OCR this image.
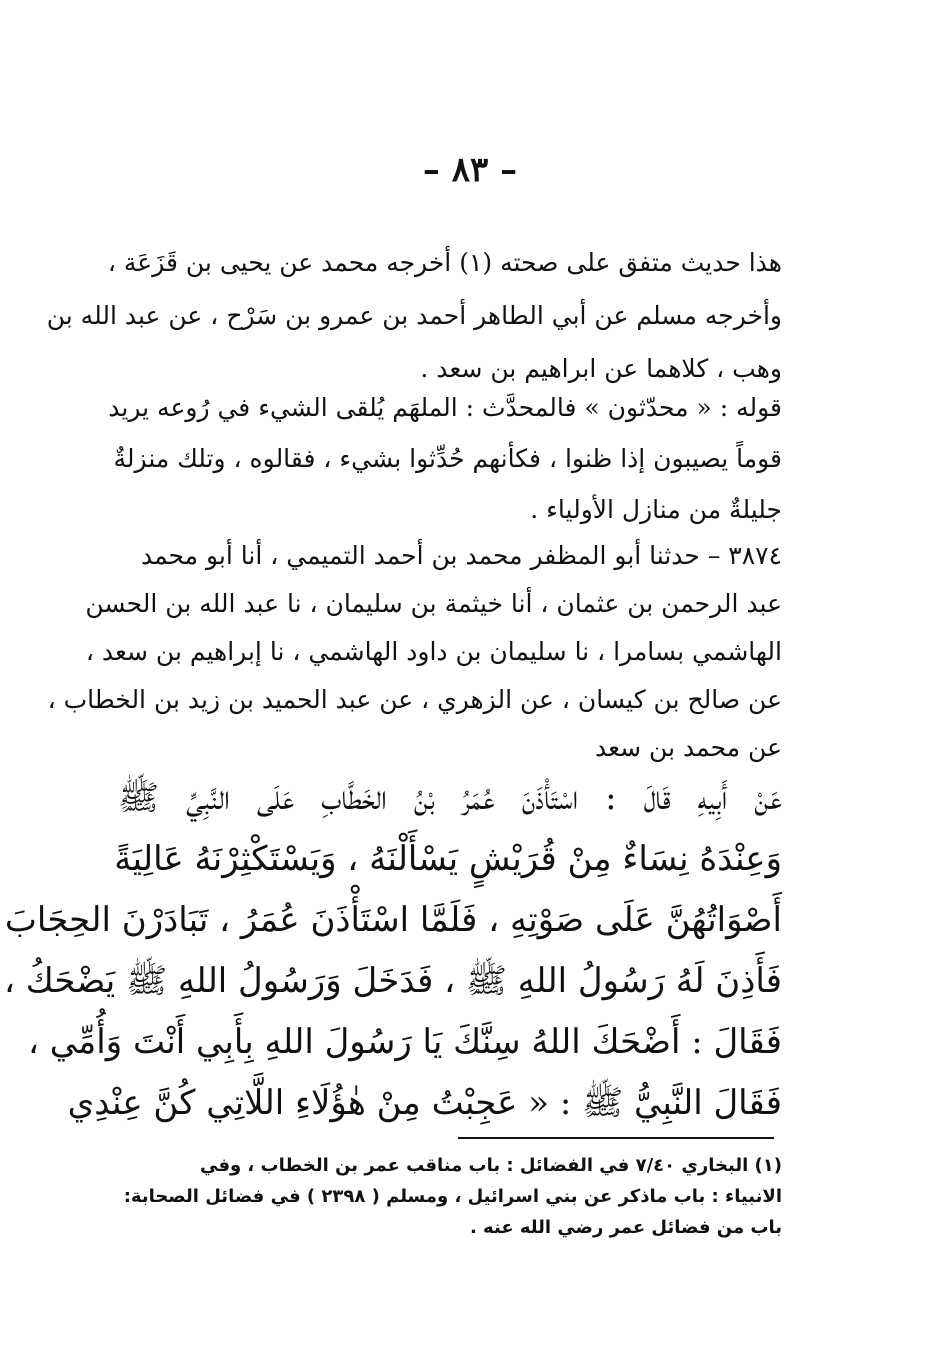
– ٨٣ –
هذا حديث متفق على صحته (١) أخرجه محمد عن يحيى بن قَزَعَة ،
وأخرجه مسلم عن أبي الطاهر أحمد بن عمرو بن سَرْح ، عن عبد الله بن
وهب ، كلاهما عن ابراهيم بن سعد .
قوله : « محدّثون » فالمحدَّث : الملهَم يُلقى الشيء في رُوعه يريد
قوماً يصيبون إذا ظنوا ، فكأنهم حُدِّثوا بشيء ، فقالوه ، وتلك منزلةٌ
جليلةٌ من منازل الأولياء .
٣٨٧٤ – حدثنا أبو المظفر محمد بن أحمد التميمي ، أنا أبو محمد
عبد الرحمن بن عثمان ، أنا خيثمة بن سليمان ، نا عبد الله بن الحسن
الهاشمي بسامرا ، نا سليمان بن داود الهاشمي ، نا إبراهيم بن سعد ،
عن صالح بن كيسان ، عن الزهري ، عن عبد الحميد بن زيد بن الخطاب ،
عن محمد بن سعد
عَنْ أَبِيهِ قَالَ : اسْتَأْذَنَ عُمَرُ بْنُ الخَطَّابِ عَلَى النَّبِيِّ ﷺ
وَعِنْدَهُ نِسَاءٌ مِنْ قُرَيْشٍ يَسْأَلْنَهُ ، وَيَسْتَكْثِرْنَهُ عَالِيَةً
أَصْوَاتُهُنَّ عَلَى صَوْتِهِ ، فَلَمَّا اسْتَأْذَنَ عُمَرُ ، تَبَادَرْنَ الحِجَابَ
فَأَذِنَ لَهُ رَسُولُ اللهِ ﷺ ، فَدَخَلَ وَرَسُولُ اللهِ ﷺ يَضْحَكُ ،
فَقَالَ : أَضْحَكَ اللهُ سِنَّكَ يَا رَسُولَ اللهِ بِأَبِي أَنْتَ وَأُمِّي ،
فَقَالَ النَّبِيُّ ﷺ : « عَجِبْتُ مِنْ هٰؤُلَاءِ اللَّاتِي كُنَّ عِنْدِي
(١) البخاري ٧/٤٠ في الفضائل : باب مناقب عمر بن الخطاب ، وفي
الانبياء : باب ماذكر عن بني اسرائيل ، ومسلم ( ٢٣٩٨ ) في فضائل الصحابة:
باب من فضائل عمر رضي الله عنه .
